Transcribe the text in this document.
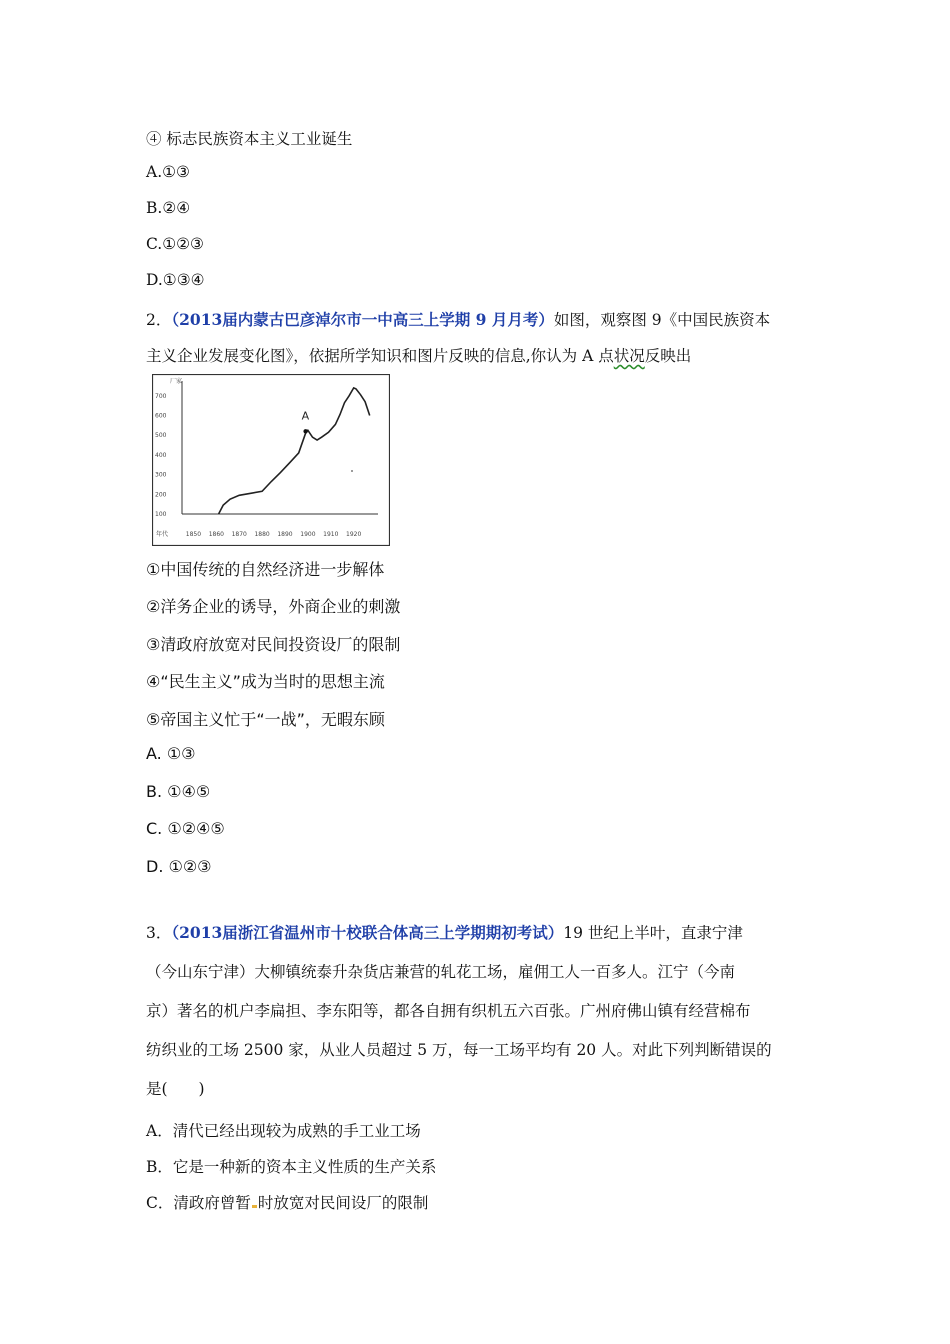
④ 标志民族资本主义工业诞生
A.①③
B.②④
C.①②③
D.①③④
2．（2013届内蒙古巴彦淖尔市一中高三上学期 9 月月考）如图，观察图 9《中国民族资本
主义企业发展变化图》，依据所学知识和图片反映的信息,你认为 A 点状况反映出
厂家
年代
100
200
300
400
500
600
700
1850 1860 1870 1880 1890 1900 1910 1920
A
①中国传统的自然经济进一步解体
②洋务企业的诱导，外商企业的刺激
③清政府放宽对民间投资设厂的限制
④“民生主义”成为当时的思想主流
⑤帝国主义忙于“一战”，无暇东顾
A. ①③
B. ①④⑤
C. ①②④⑤
D. ①②③
3．（2013届浙江省温州市十校联合体高三上学期期初考试）19 世纪上半叶，直隶宁津
（今山东宁津）大柳镇统泰升杂货店兼营的轧花工场，雇佣工人一百多人。江宁（今南
京）著名的机户李扁担、李东阳等，都各自拥有织机五六百张。广州府佛山镇有经营棉布
纺织业的工场 2500 家，从业人员超过 5 万，每一工场平均有 20 人。对此下列判断错误的
是(　　)
A．清代已经出现较为成熟的手工业工场
B．它是一种新的资本主义性质的生产关系
C．清政府曾暂 时放宽对民间设厂的限制
